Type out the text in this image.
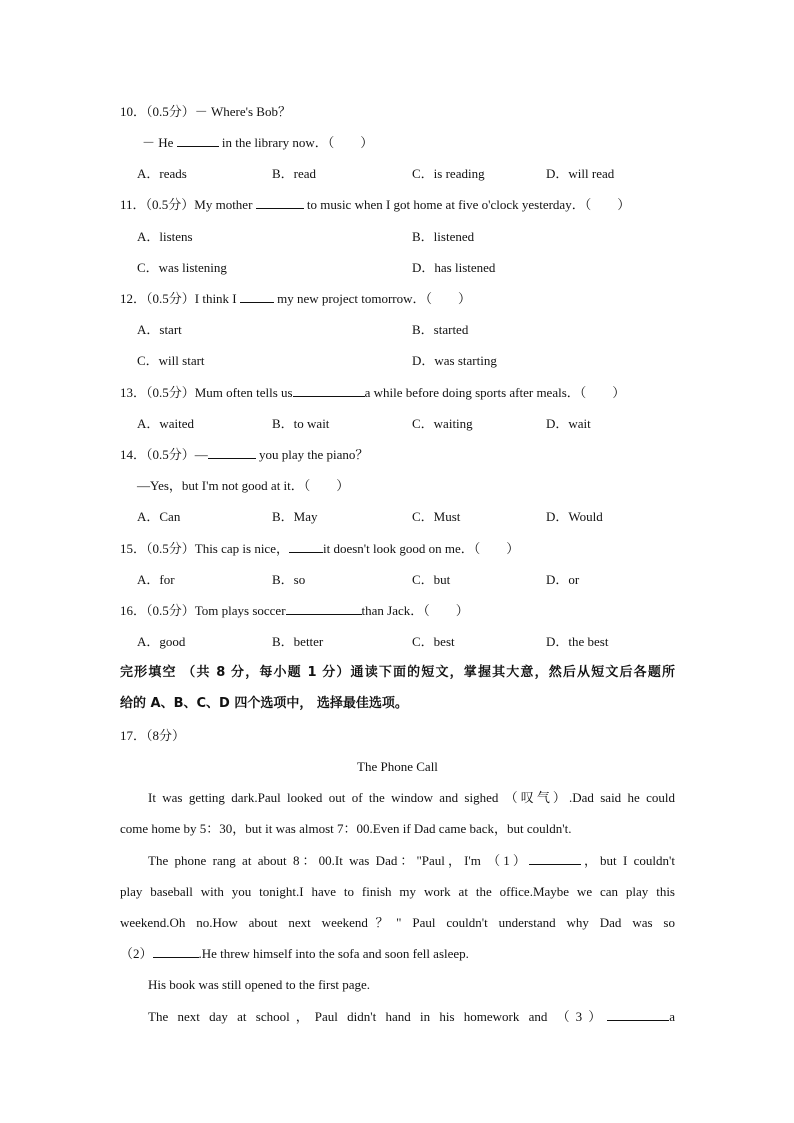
10．（0.5分）－ Where's Bob？
－ He	in the library now．（　　）
A．reads	B．read	C．is reading	D．will read
11．（0.5分）My mother	to music when I got home at five o'clock yesterday．（　　）
A．listens	B．listened
C．was listening	D．has listened
12．（0.5分）I think I	my new project tomorrow．（　　）
A．start	B．started
C．will start	D．was starting
13．（0.5分）Mum often tells us	a while before doing sports after meals．（　　）
A．waited	B．to wait	C．waiting	D．wait
14．（0.5分）—	you play the piano？
—Yes，but I'm not good at it．（　　）
A．Can	B．May	C．Must	D．Would
15．（0.5分）This cap is nice，	it doesn't look good on me．（　　）
A．for	B．so	C．but	D．or
16．（0.5分）Tom plays soccer	than Jack．（　　）
A．good	B．better	C．best	D．the best
完形填空 （共 8 分，每小题 1 分）通读下面的短文，掌握其大意，然后从短文后各题所
给的 A、B、C、D 四个选项中， 选择最佳选项。
17．（8分）
The Phone Call
It was getting dark.Paul looked out of the window and sighed （叹气）.Dad said he could
come home by 5：30，but it was almost 7：00.Even if Dad came back，but couldn't.
The phone rang at about 8：00.It was Dad："Paul，I'm （1）	，but I couldn't
play baseball with you tonight.I have to finish my work at the office.Maybe we can play this
weekend.Oh no.How about next weekend？" Paul couldn't understand why Dad was so
（2）	.He threw himself into the sofa and soon fell asleep.
His book was still opened to the first page.
The next day at school，Paul didn't hand in his homework and （3）	a
